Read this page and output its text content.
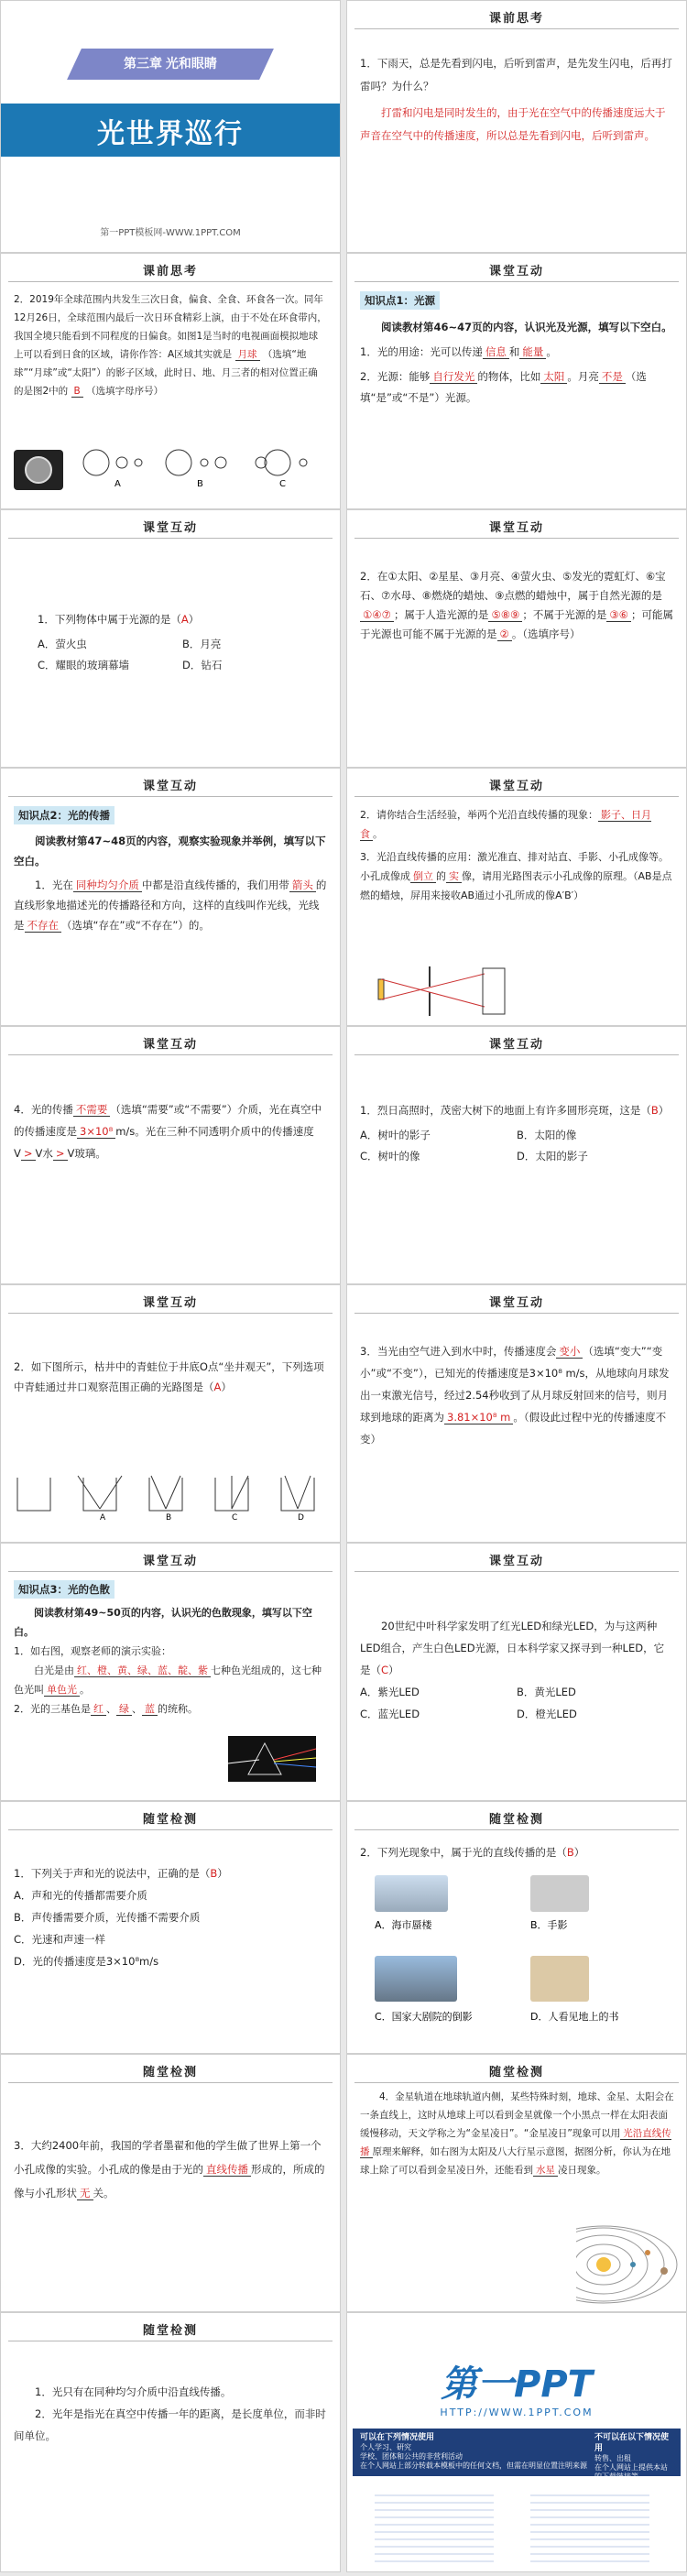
第三章 光和眼睛
光世界巡行
第一PPT模板网-WWW.1PPT.COM
课前思考
1．下雨天，总是先看到闪电，后听到雷声，是先发生闪电，后再打雷吗？为什么？
打雷和闪电是同时发生的，由于光在空气中的传播速度远大于声音在空气中的传播速度，所以总是先看到闪电，后听到雷声。
课前思考
2．2019年全球范围内共发生三次日食，偏食、全食、环食各一次。同年12月26日，全球范围内最后一次日环食精彩上演，由于不处在环食带内，我国全境只能看到不同程度的日偏食。如图1是当时的电视画面模拟地球上可以看到日食的区域，请你作答：A区域其实就是 月球 （选填“地球”“月球”或“太阳”）的影子区域，此时日、地、月三者的相对位置正确的是图2中的 B （选填字母序号）
A	B	C
课堂互动
知识点1：光源
阅读教材第46~47页的内容，认识光及光源，填写以下空白。
1．光的用途：光可以传递 信息 和 能量 。
2．光源：能够 自行发光 的物体，比如 太阳 。月亮 不是 （选填“是”或“不是”）光源。
课堂互动
1．下列物体中属于光源的是（A）
A．萤火虫	B．月亮
C．耀眼的玻璃幕墙	D．钻石
课堂互动
2．在①太阳、②星星、③月亮、④萤火虫、⑤发光的霓虹灯、⑥宝石、⑦水母、⑧燃烧的蜡烛、⑨点燃的蜡烛中，属于自然光源的是①④⑦ ；属于人造光源的是 ⑤⑧⑨ ；不属于光源的是 ③⑥ ；可能属于光源也可能不属于光源的是 ② 。（选填序号）
课堂互动
知识点2：光的传播
阅读教材第47~48页的内容，观察实验现象并举例，填写以下空白。
1．光在 同种均匀介质 中都是沿直线传播的，我们用带 箭头 的直线形象地描述光的传播路径和方向，这样的直线叫作光线，光线是 不存在 （选填“存在”或“不存在”）的。
课堂互动
2．请你结合生活经验，举两个光沿直线传播的现象： 影子、日月食 。
3．光沿直线传播的应用：激光准直、排对站直、手影、小孔成像等。小孔成像成 倒立 的 实 像，请用光路图表示小孔成像的原理。（AB是点燃的蜡烛，屏用来接收AB通过小孔所成的像A′B′）
课堂互动
4．光的传播 不需要 （选填“需要”或“不需要”）介质，光在真空中的传播速度是 3×10⁸ m/s。光在三种不同透明介质中的传播速度V > V水 > V玻璃。
课堂互动
1．烈日高照时，茂密大树下的地面上有许多圆形亮斑，这是（B）
A．树叶的影子	B．太阳的像
C．树叶的像	D．太阳的影子
课堂互动
2．如下图所示，枯井中的青蛙位于井底O点“坐井观天”，下列选项中青蛙通过井口观察范围正确的光路图是（A）
A	B	C	D
课堂互动
3．当光由空气进入到水中时，传播速度会 变小 （选填“变大”“变小”或“不变”），已知光的传播速度是3×10⁸ m/s，从地球向月球发出一束激光信号，经过2.54秒收到了从月球反射回来的信号，则月球到地球的距离为 3.81×10⁸ m 。（假设此过程中光的传播速度不变）
课堂互动
知识点3：光的色散
阅读教材第49~50页的内容，认识光的色散现象，填写以下空白。
1．如右图，观察老师的演示实验：
白光是由 红、橙、黄、绿、蓝、靛、紫 七种色光组成的，这七种色光叫 单色光 。
2．光的三基色是 红 、 绿 、 蓝 的统称。
课堂互动
20世纪中叶科学家发明了红光LED和绿光LED，为与这两种LED组合，产生白色LED光源，日本科学家又探寻到一种LED，它是（C）
A．紫光LED	B．黄光LED
C．蓝光LED	D．橙光LED
随堂检测
1．下列关于声和光的说法中，正确的是（B）
A．声和光的传播都需要介质
B．声传播需要介质，光传播不需要介质
C．光速和声速一样
D．光的传播速度是3×10⁸m/s
随堂检测
2．下列光现象中，属于光的直线传播的是（B）
A．海市蜃楼	B．手影
C．国家大剧院的倒影	D．人看见地上的书
随堂检测
3．大约2400年前，我国的学者墨翟和他的学生做了世界上第一个小孔成像的实验。小孔成的像是由于光的 直线传播 形成的，所成的像与小孔形状 无 关。
随堂检测
4．金星轨道在地球轨道内侧，某些特殊时刻，地球、金星、太阳会在一条直线上，这时从地球上可以看到金星就像一个小黑点一样在太阳表面缓慢移动，天文学称之为“金星凌日”。“金星凌日”现象可以用 光沿直线传播 原理来解释，如右图为太阳及八大行星示意图，据图分析，你认为在地球上除了可以看到金星凌日外，还能看到 水星 凌日现象。
随堂检测
1．光只有在同种均匀介质中沿直线传播。
2．光年是指光在真空中传播一年的距离，是长度单位，而非时间单位。
第一PPT
HTTP://WWW.1PPT.COM
可以在下列情况使用
个人学习、研究
学校、团体和公共的非营利活动
在个人网站上部分转载本模板中的任何文档，但需在明显位置注明来源
不可以在以下情况使用
转售、出租
在个人网站上提供本站的下载链接等
